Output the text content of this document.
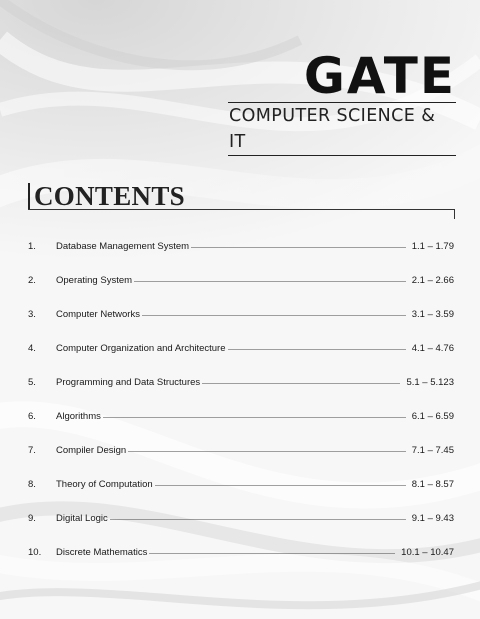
GATE
COMPUTER SCIENCE & IT
CONTENTS
1.	Database Management System	1.1 – 1.79
2.	Operating System	2.1 – 2.66
3.	Computer Networks	3.1 – 3.59
4.	Computer Organization and Architecture	4.1 – 4.76
5.	Programming and Data Structures	5.1 – 5.123
6.	Algorithms	6.1 – 6.59
7.	Compiler Design	7.1 – 7.45
8.	Theory of Computation	8.1 – 8.57
9.	Digital Logic	9.1 – 9.43
10.	Discrete Mathematics	10.1 – 10.47
